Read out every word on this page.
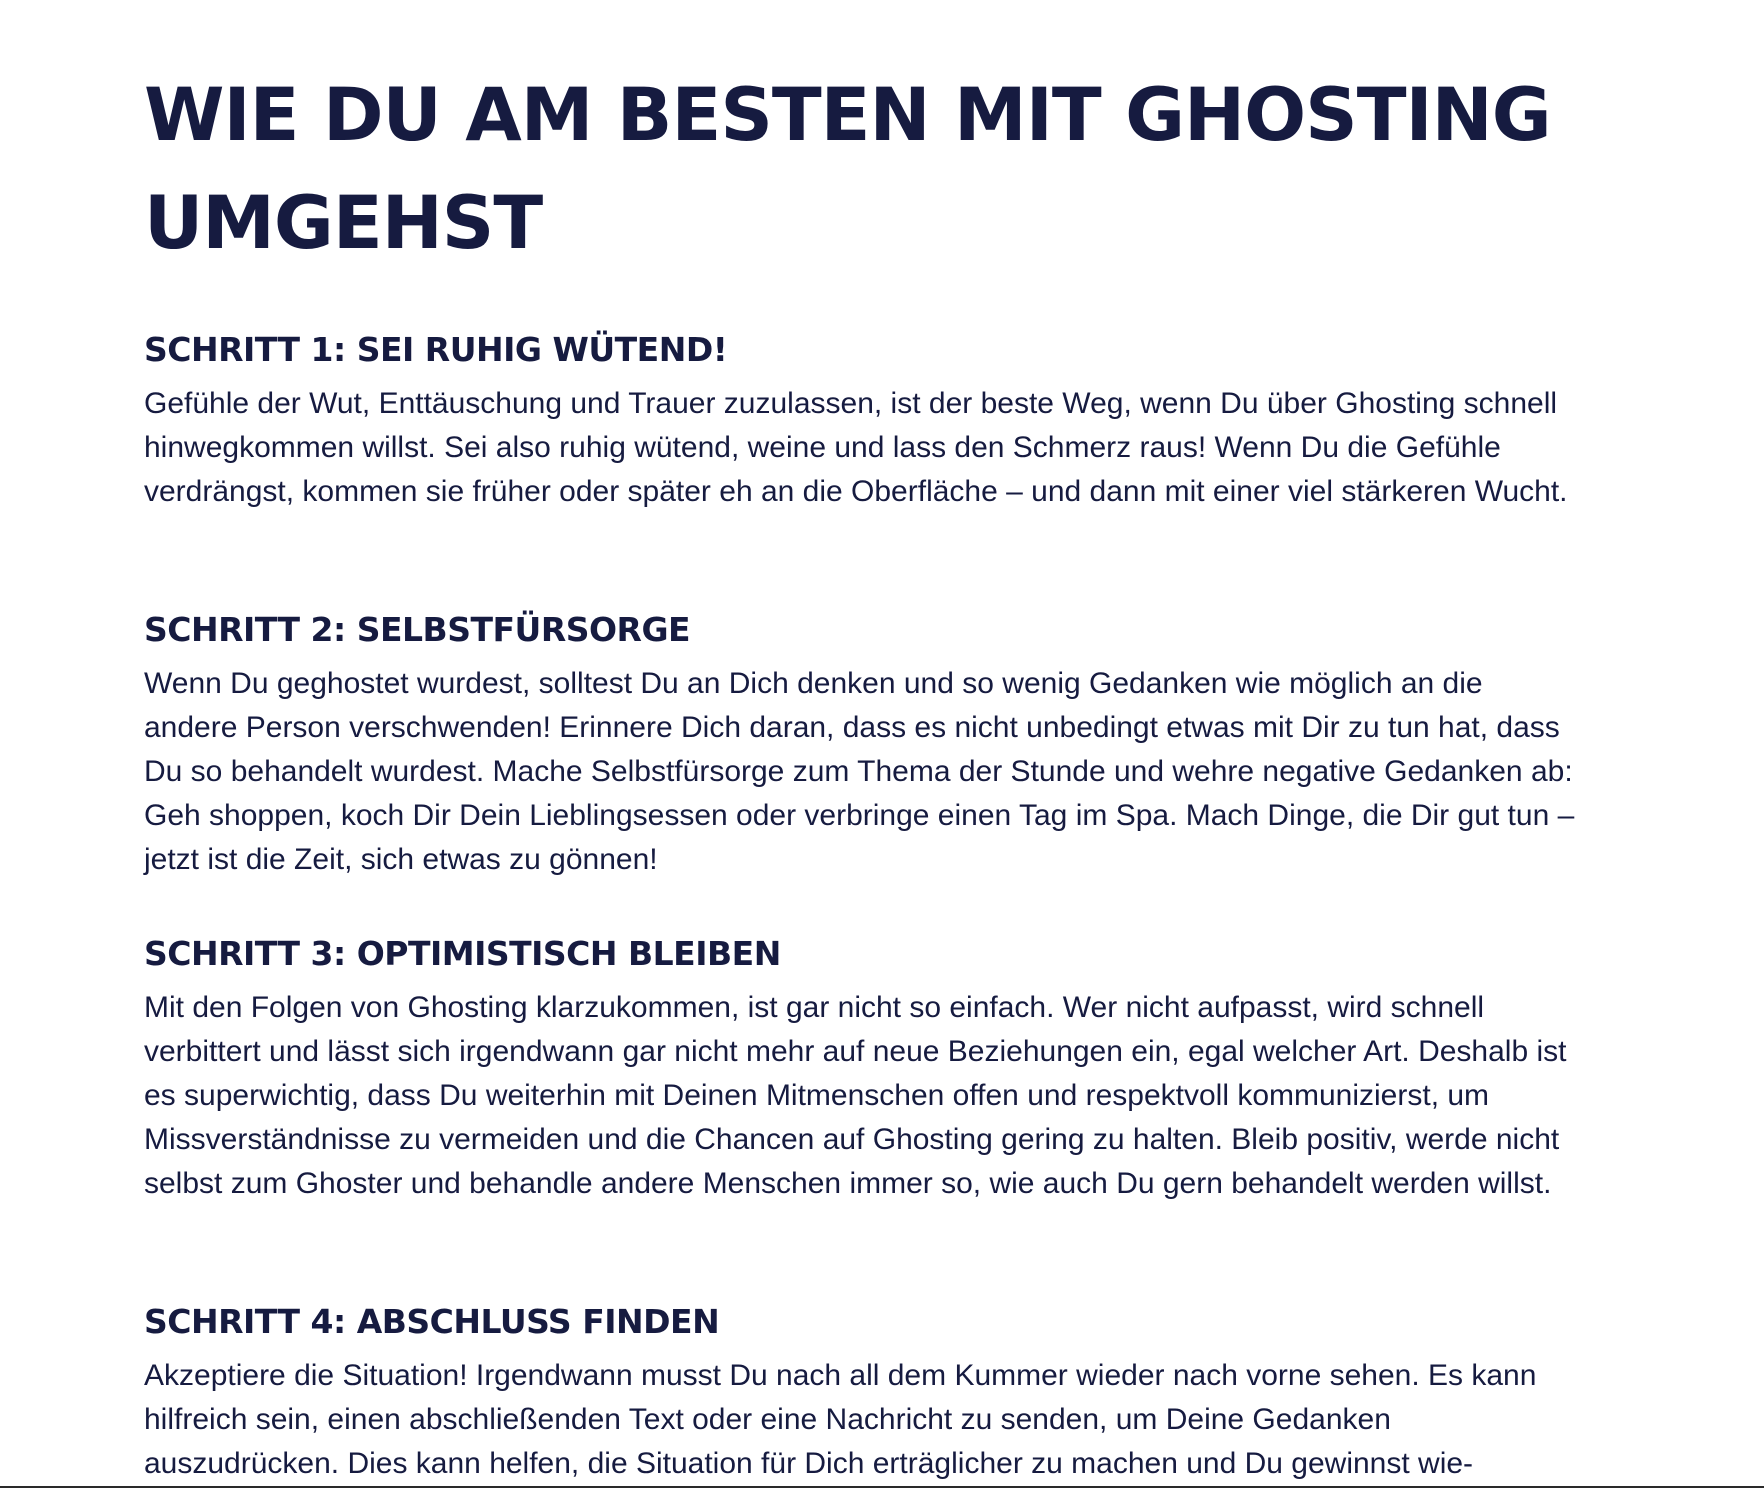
WIE DU AM BESTEN MIT GHOSTING UMGEHST
SCHRITT 1: SEI RUHIG WÜTEND!

Gefühle der Wut, Enttäuschung und Trauer zuzulassen, ist der beste Weg, wenn Du über Ghosting schnell hinwegkommen willst. Sei also ruhig wütend, weine und lass den Schmerz raus! Wenn Du die Gefühle verdrängst, kommen sie früher oder später eh an die Oberfläche – und dann mit einer viel stärkeren Wucht.

SCHRITT 2: SELBSTFÜRSORGE

Wenn Du geghostet wurdest, solltest Du an Dich denken und so wenig Gedanken wie möglich an die andere Person verschwenden! Erinnere Dich daran, dass es nicht unbedingt etwas mit Dir zu tun hat, dass Du so behandelt wurdest. Mache Selbstfürsorge zum Thema der Stunde und wehre negative Gedanken ab: Geh shoppen, koch Dir Dein Lieblingsessen oder verbringe einen Tag im Spa. Mach Dinge, die Dir gut tun – jetzt ist die Zeit, sich etwas zu gönnen!

SCHRITT 3: OPTIMISTISCH BLEIBEN

Mit den Folgen von Ghosting klarzukommen, ist gar nicht so einfach. Wer nicht aufpasst, wird schnell verbittert und lässt sich irgendwann gar nicht mehr auf neue Beziehungen ein, egal welcher Art. Deshalb ist es superwichtig, dass Du weiterhin mit Deinen Mitmenschen offen und respektvoll kommunizierst, um Missverständnisse zu vermeiden und die Chancen auf Ghosting gering zu halten. Bleib positiv, werde nicht selbst zum Ghoster und behandle andere Menschen immer so, wie auch Du gern behandelt werden willst.

SCHRITT 4: ABSCHLUSS FINDEN

Akzeptiere die Situation! Irgendwann musst Du nach all dem Kummer wieder nach vorne sehen. Es kann hilfreich sein, einen abschließenden Text oder eine Nachricht zu senden, um Deine Gedanken auszudrücken. Dies kann helfen, die Situation für Dich erträglicher zu machen und Du gewinnst wie-
